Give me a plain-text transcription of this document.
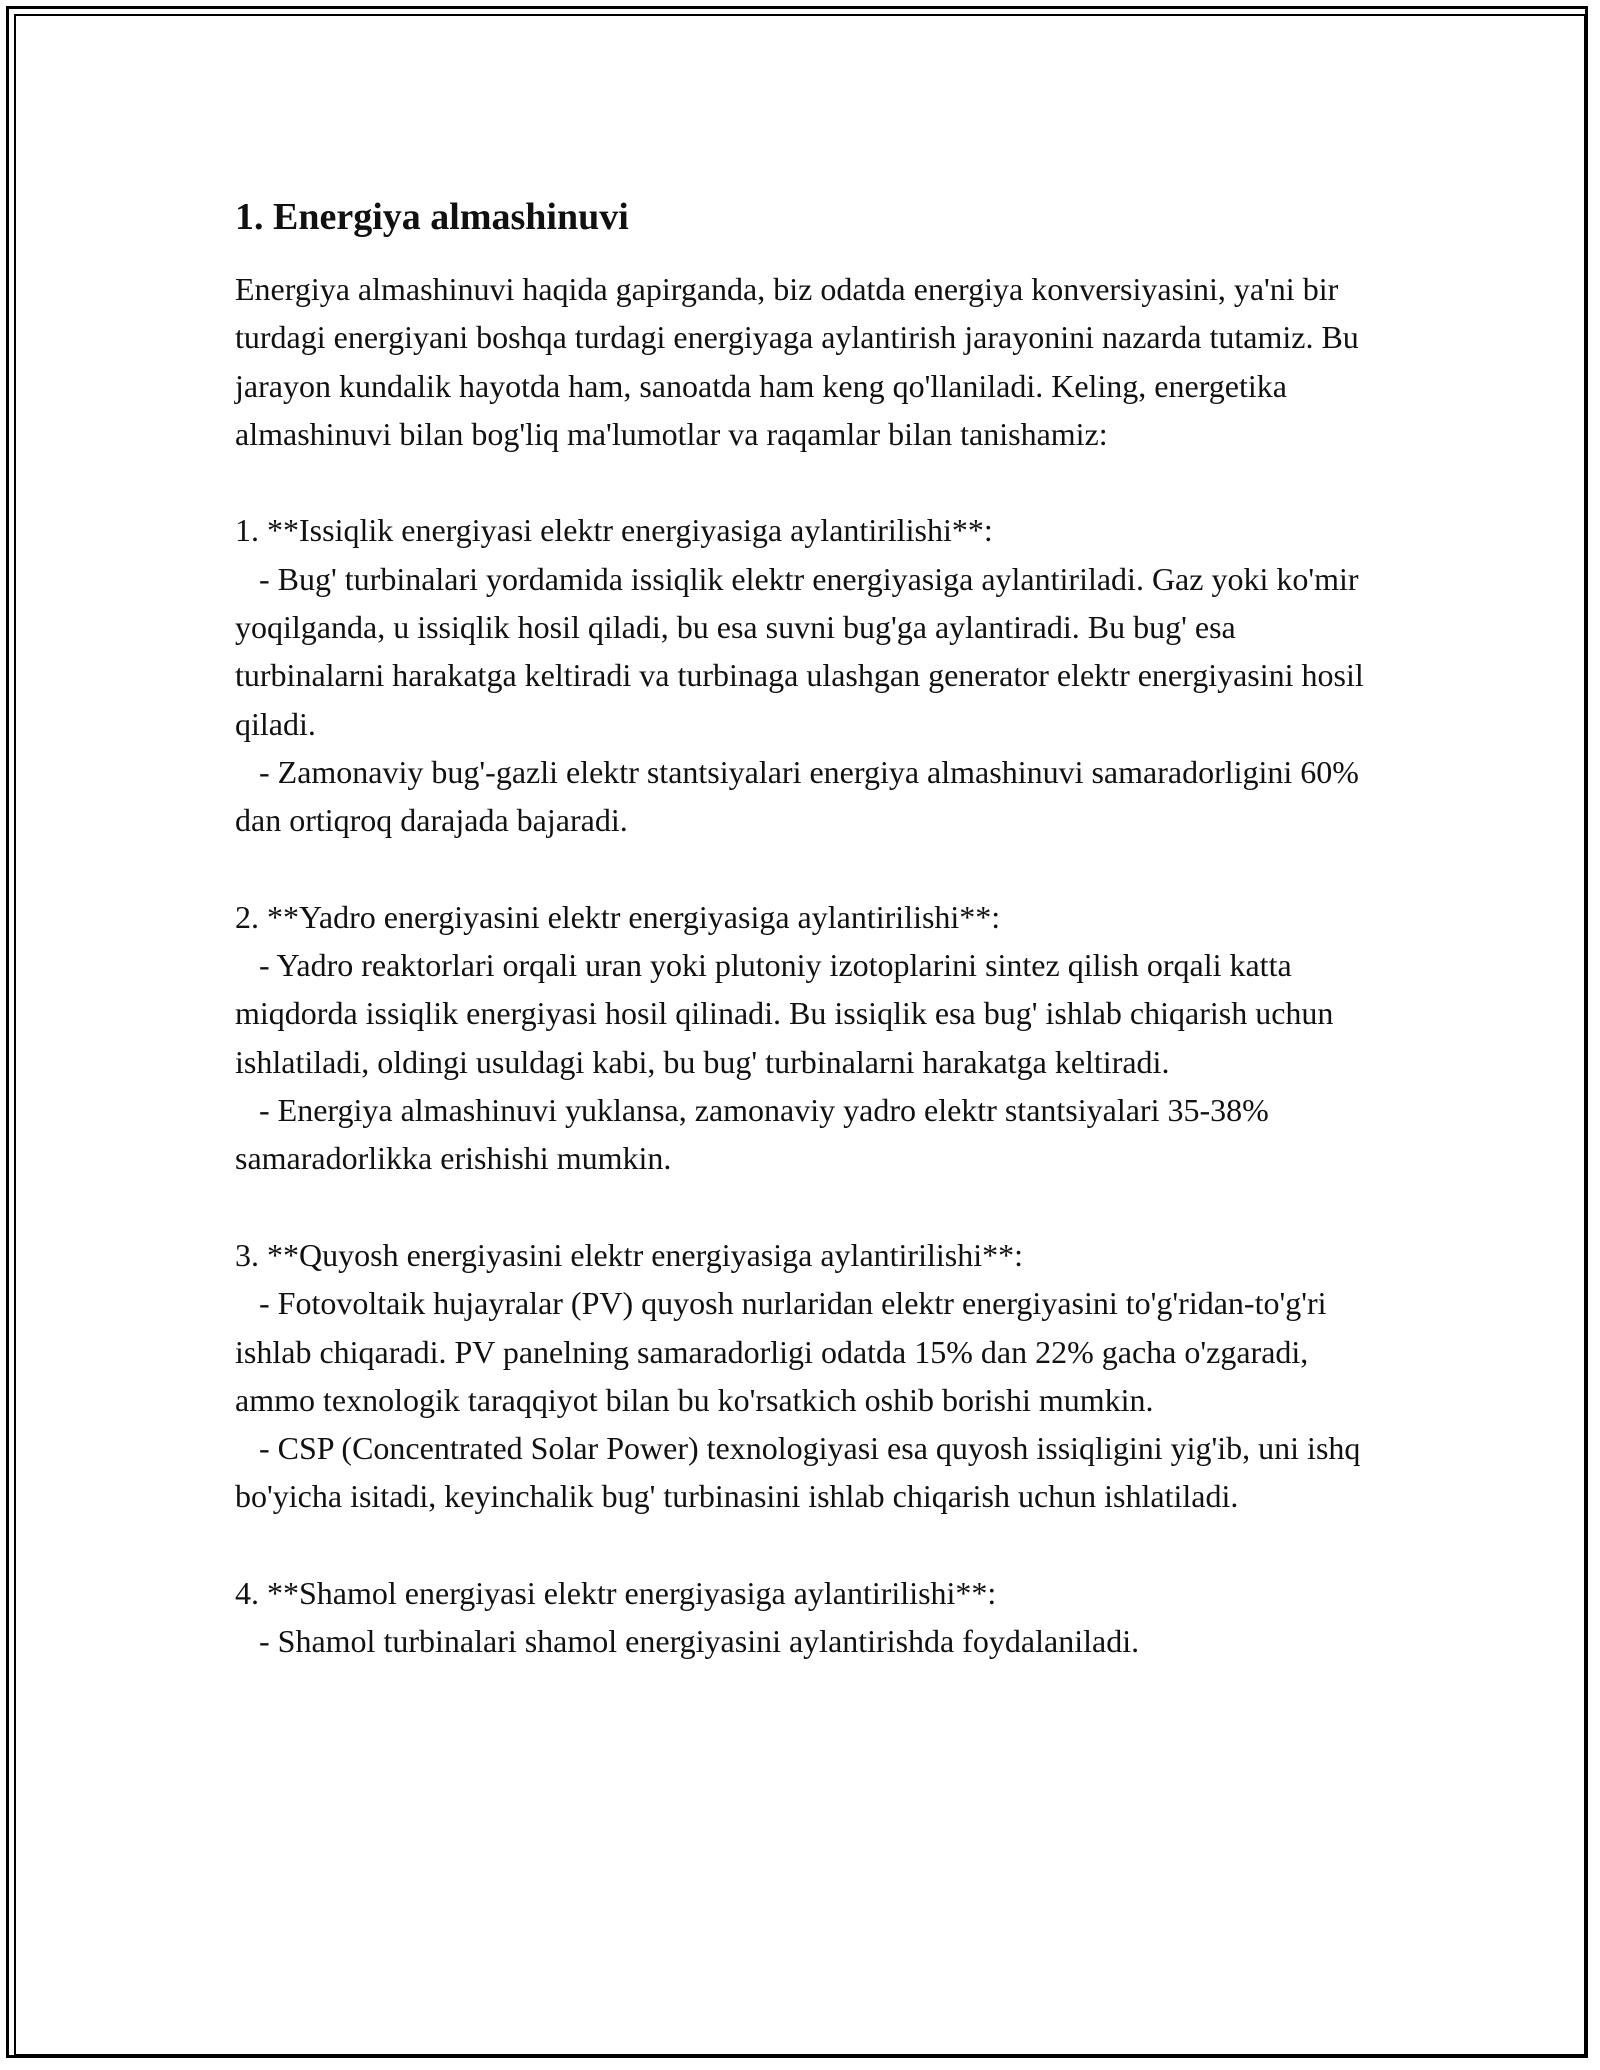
1. Energiya almashinuvi

Energiya almashinuvi haqida gapirganda, biz odatda energiya konversiyasini, ya'ni bir turdagi energiyani boshqa turdagi energiyaga aylantirish jarayonini nazarda tutamiz. Bu jarayon kundalik hayotda ham, sanoatda ham keng qo'llaniladi. Keling, energetika almashinuvi bilan bog'liq ma'lumotlar va raqamlar bilan tanishamiz:

1. **Issiqlik energiyasi elektr energiyasiga aylantirilishi**:

- Bug' turbinalari yordamida issiqlik elektr energiyasiga aylantiriladi. Gaz yoki ko'mir yoqilganda, u issiqlik hosil qiladi, bu esa suvni bug'ga aylantiradi. Bu bug' esa turbinalarni harakatga keltiradi va turbinaga ulashgan generator elektr energiyasini hosil qiladi.

- Zamonaviy bug'-gazli elektr stantsiyalari energiya almashinuvi samaradorligini 60% dan ortiqroq darajada bajaradi.

2. **Yadro energiyasini elektr energiyasiga aylantirilishi**:

- Yadro reaktorlari orqali uran yoki plutoniy izotoplarini sintez qilish orqali katta miqdorda issiqlik energiyasi hosil qilinadi. Bu issiqlik esa bug' ishlab chiqarish uchun ishlatiladi, oldingi usuldagi kabi, bu bug' turbinalarni harakatga keltiradi.

- Energiya almashinuvi yuklansa, zamonaviy yadro elektr stantsiyalari 35-38% samaradorlikka erishishi mumkin.

3. **Quyosh energiyasini elektr energiyasiga aylantirilishi**:

- Fotovoltaik hujayralar (PV) quyosh nurlaridan elektr energiyasini to'g'ridan-to'g'ri ishlab chiqaradi. PV panelning samaradorligi odatda 15% dan 22% gacha o'zgaradi, ammo texnologik taraqqiyot bilan bu ko'rsatkich oshib borishi mumkin.

- CSP (Concentrated Solar Power) texnologiyasi esa quyosh issiqligini yig'ib, uni ishq bo'yicha isitadi, keyinchalik bug' turbinasini ishlab chiqarish uchun ishlatiladi.

4. **Shamol energiyasi elektr energiyasiga aylantirilishi**:

- Shamol turbinalari shamol energiyasini aylantirishda foydalaniladi.
